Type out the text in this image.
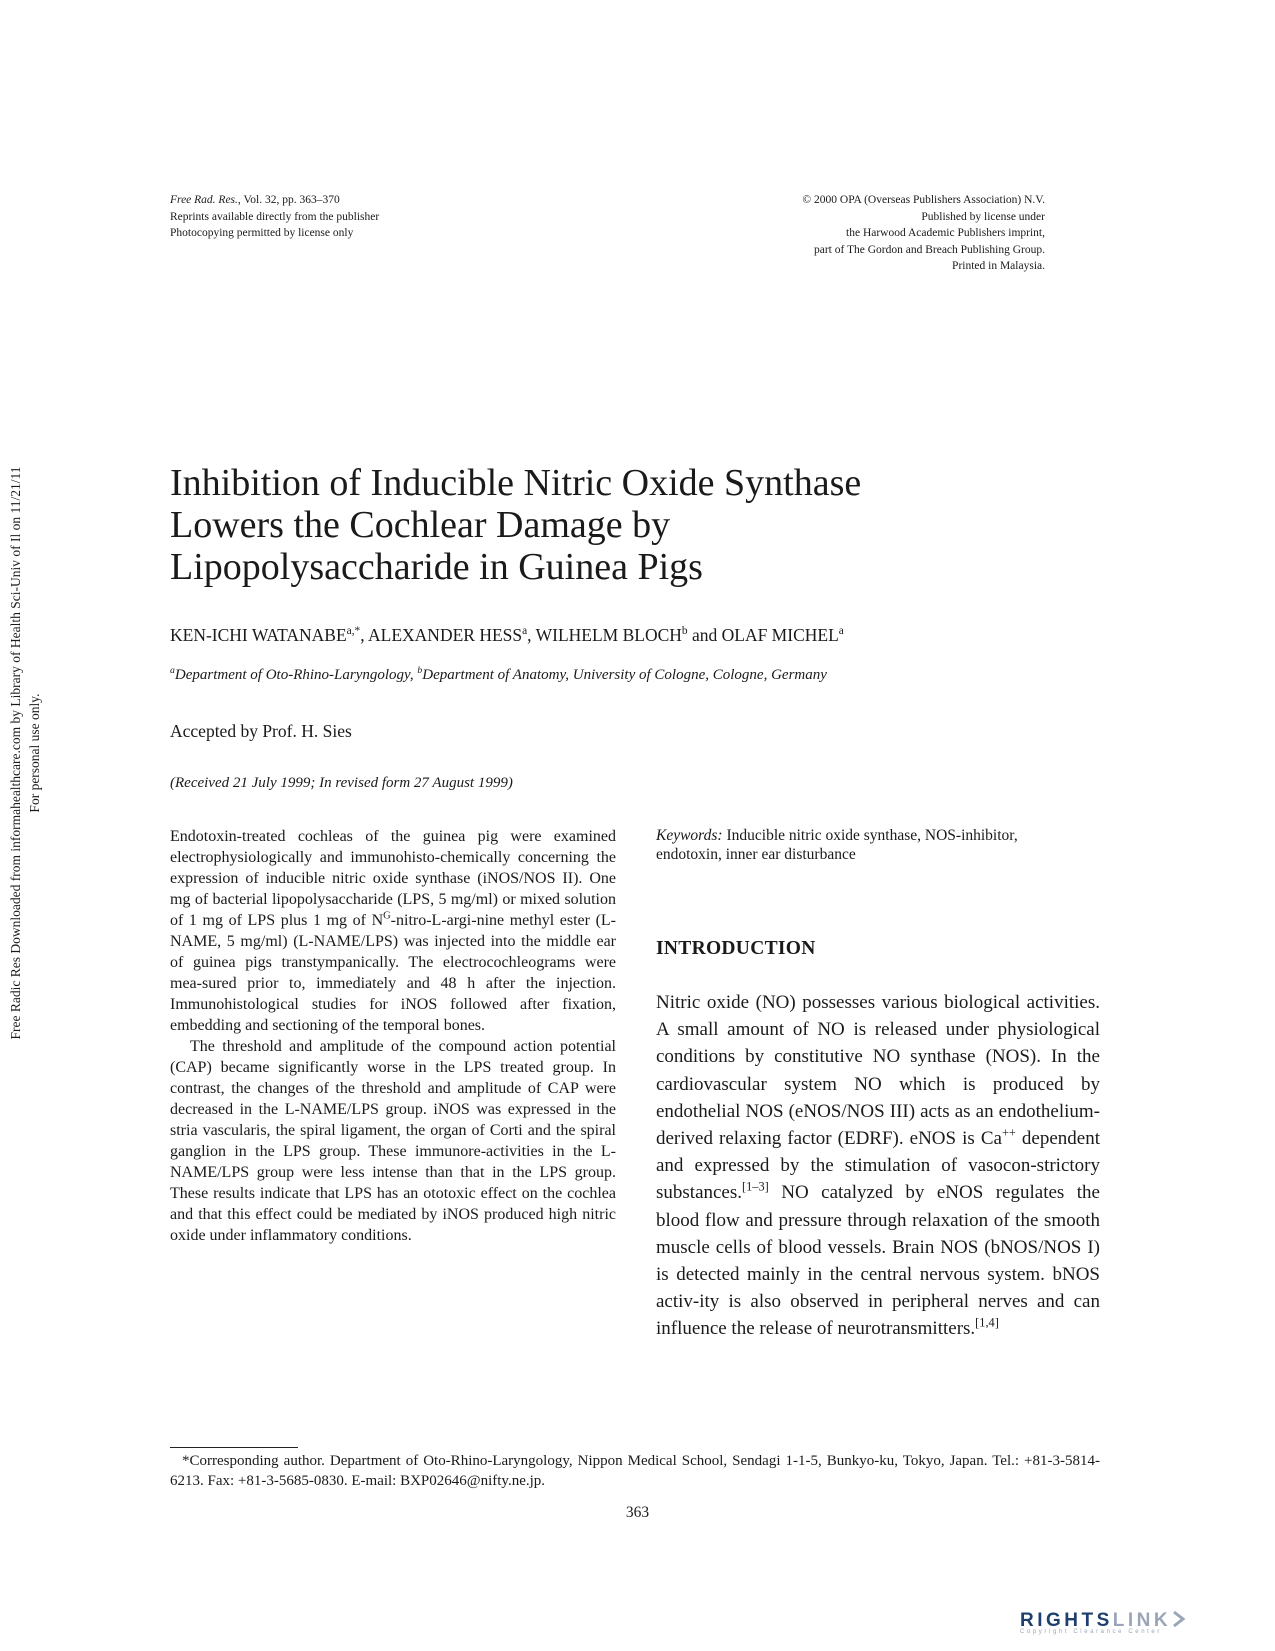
Free Rad. Res., Vol. 32, pp. 363–370
Reprints available directly from the publisher
Photocopying permitted by license only
© 2000 OPA (Overseas Publishers Association) N.V.
Published by license under
the Harwood Academic Publishers imprint,
part of The Gordon and Breach Publishing Group.
Printed in Malaysia.
Free Radic Res Downloaded from informahealthcare.com by Library of Health Sci-Univ of Il on 11/21/11 For personal use only.
Inhibition of Inducible Nitric Oxide Synthase
Lowers the Cochlear Damage by
Lipopolysaccharide in Guinea Pigs
KEN-ICHI $WATANABE^{a,*}$, ALEXANDER HESS$^a$, WILHELM BLOCH$^b$ and OLAF MICHEL$^a$
$^a$Department of Oto-Rhino-Laryngology, $^b$Department of Anatomy, University of Cologne, Cologne, Germany
Accepted by Prof. H. Sies
(Received 21 July 1999; In revised form 27 August 1999)

Endotoxin-treated cochleas of the guinea pig were examined electrophysiologically and immunohisto-chemically concerning the expression of inducible nitric oxide synthase (iNOS/NOS II). One mg of bacterial lipopolysaccharide (LPS, 5 mg/ml) or mixed solution of 1 mg of LPS plus 1 mg of $N^G-nitro-L-argi$-nine methyl ester (L-NAME, 5 mg/ml) (L-NAME/LPS) was injected into the middle ear of guinea pigs transtympanically. The electrocochleograms were mea-sured prior to, immediately and 48 h after the injection. Immunohistological studies for iNOS followed after fixation, embedding and sectioning of the temporal bones.

The threshold and amplitude of the compound action potential (CAP) became significantly worse in the LPS treated group. In contrast, the changes of the threshold and amplitude of CAP were decreased in the L-NAME/LPS group. iNOS was expressed in the stria vascularis, the spiral ligament, the organ of Corti and the spiral ganglion in the LPS group. These immunore-activities in the L-NAME/LPS group were less intense than that in the LPS group. These results indicate that LPS has an ototoxic effect on the cochlea and that this effect could be mediated by iNOS produced high nitric oxide under inflammatory conditions.

Keywords: Inducible nitric oxide synthase, NOS-inhibitor, endotoxin, inner ear disturbance
INTRODUCTION

Nitric oxide (NO) possesses various biological activities. A small amount of NO is released under physiological conditions by constitutive NO synthase (NOS). In the cardiovascular system NO which is produced by endothelial NOS (eNOS/NOS III) acts as an endothelium-derived relaxing factor (EDRF). eNOS is Ca++ dependent and expressed by the stimulation of vasocon-strictory substances.[1–3] NO catalyzed by eNOS regulates the blood flow and pressure through relaxation of the smooth muscle cells of blood vessels. Brain NOS (bNOS/NOS I) is detected mainly in the central nervous system. bNOS activ-ity is also observed in peripheral nerves and can influence the release of neurotransmitters.[1,4]

*Corresponding author. Department of Oto-Rhino-Laryngology, Nippon Medical School, Sendagi 1-1-5, Bunkyo-ku, Tokyo, Japan. Tel.: +81-3-5814-6213. Fax: +81-3-5685-0830. E-mail: BXP02646@nifty.ne.jp.
363
RIGHTSLINK
Copyright Clearance Center
